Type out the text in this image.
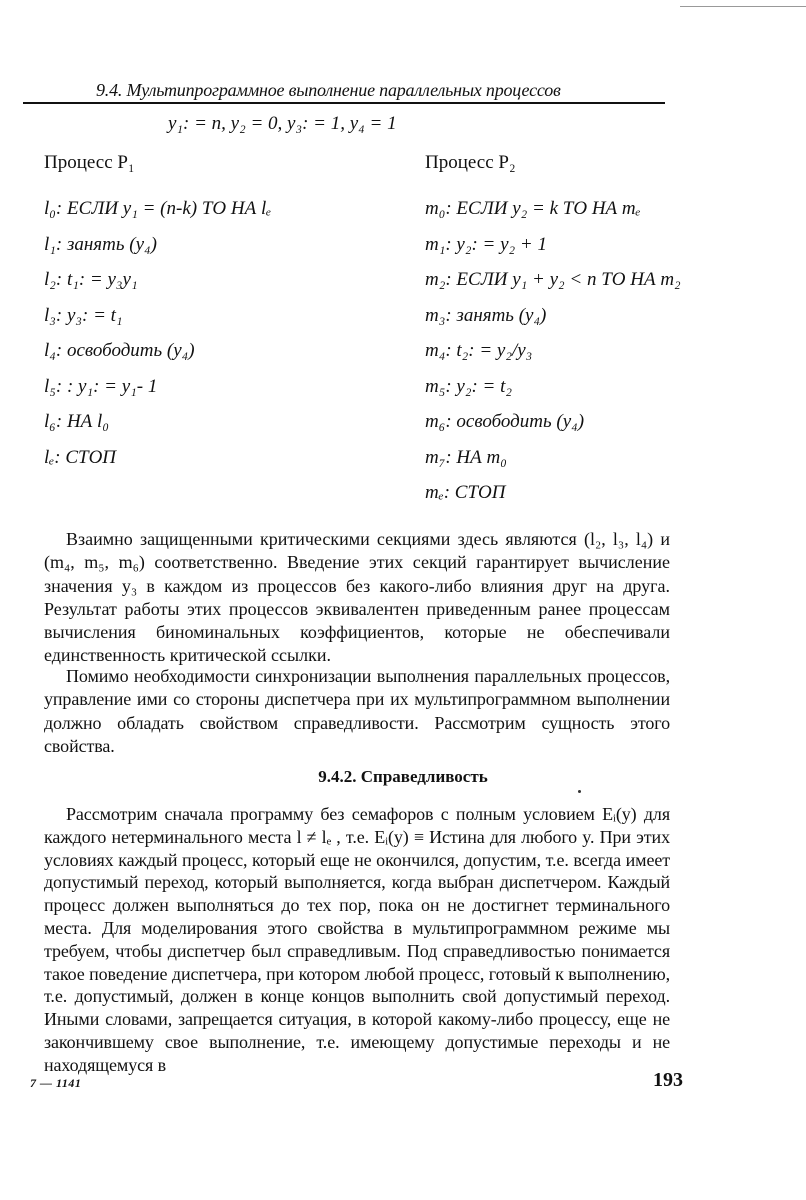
9.4. Мультипрограммное выполнение параллельных процессов
y₁: = n, y₂ = 0, y₃: = 1, y₄ = 1
Процесс P₁
l₀: ЕСЛИ y₁ = (n-k) ТО НА lₑ
l₁: занять (y₄)
l₂: t₁: = y₃y₁
l₃: y₃: = t₁
l₄: освободить (y₄)
l₅: : y₁: = y₁- 1
l₆: НА l₀
lₑ: СТОП
Процесс P₂
m₀: ЕСЛИ y₂ = k ТО НА mₑ
m₁: y₂: = y₂ + 1
m₂: ЕСЛИ y₁ + y₂ < n ТО НА m₂
m₃: занять (y₄)
m₄: t₂: = y₂/y₃
m₅: y₂: = t₂
m₆: освободить (y₄)
m₇: НА m₀
mₑ: СТОП

Взаимно защищенными критическими секциями здесь являются (l₂, l₃, l₄) и (m₄, m₅, m₆) соответственно. Введение этих секций гарантирует вычисление значения y₃ в каждом из процессов без какого-либо влияния друг на друга. Результат работы этих процессов эквивалентен приведенным ранее процессам вычисления биноминальных коэффициентов, которые не обеспечивали единственность критической ссылки.

Помимо необходимости синхронизации выполнения параллельных процессов, управление ими со стороны диспетчера при их мультипрограммном выполнении должно обладать свойством справедливости. Рассмотрим сущность этого свойства.

9.4.2. Справедливость

Рассмотрим сначала программу без семафоров с полным условием Eᵢ(y) для каждого нетерминального места l ≠ lₑ , т.е. Eᵢ(y) ≡ Истина для любого y. При этих условиях каждый процесс, который еще не окончился, допустим, т.е. всегда имеет допустимый переход, который выполняется, когда выбран диспетчером. Каждый процесс должен выполняться до тех пор, пока он не достигнет терминального места. Для моделирования этого свойства в мультипрограммном режиме мы требуем, чтобы диспетчер был справедливым. Под справедливостью понимается такое поведение диспетчера, при котором любой процесс, готовый к выполнению, т.е. допустимый, должен в конце концов выполнить свой допустимый переход. Иными словами, запрещается ситуация, в которой какому-либо процессу, еще не закончившему свое выполнение, т.е. имеющему допустимые переходы и не находящемуся в

7 — 1141	193
